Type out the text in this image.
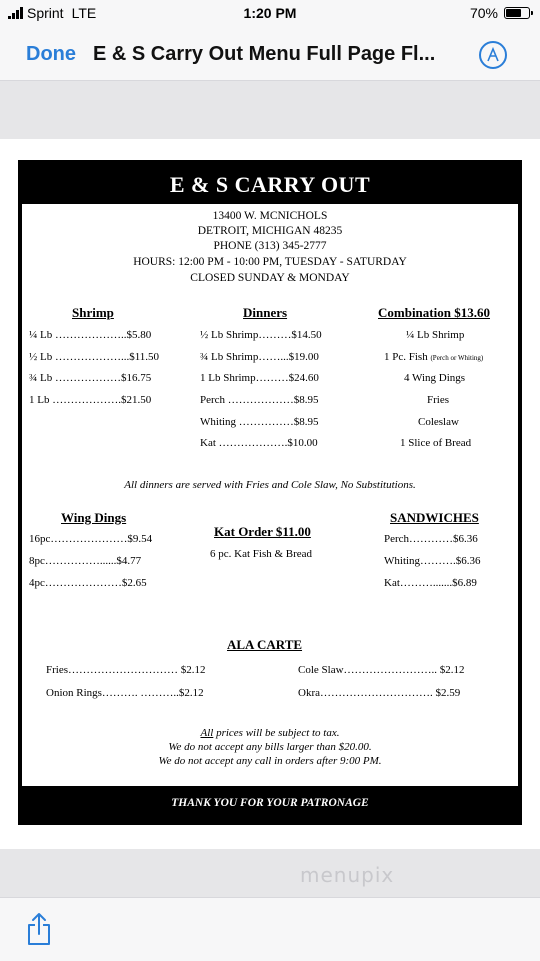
Sprint LTE	1:20 PM	70%
Done E & S Carry Out Menu Full Page Fl...
E & S CARRY OUT
13400 W. MCNICHOLS
DETROIT, MICHIGAN 48235
PHONE (313) 345-2777
HOURS: 12:00 PM - 10:00 PM, TUESDAY - SATURDAY
CLOSED SUNDAY & MONDAY
Shrimp
¼ Lb ………………..$5.80
½ Lb ………………...$11.50
¾ Lb ………………$16.75
1 Lb ……………….$21.50
Dinners
½ Lb Shrimp………$14.50
¾ Lb Shrimp……...$19.00
1 Lb Shrimp………$24.60
Perch ………………$8.95
Whiting ……………$8.95
Kat ……………….$10.00
Combination $13.60
¼ Lb Shrimp
1 Pc. Fish (Perch or Whiting)
4 Wing Dings
Fries
Coleslaw
1 Slice of Bread
All dinners are served with Fries and Cole Slaw, No Substitutions.
Wing Dings
16pc…………………$9.54
8pc……………......$4.77
4pc…………………$2.65
Kat Order $11.00
6 pc. Kat Fish & Bread
SANDWICHES
Perch…………$6.36
Whiting……….$6.36
Kat……….......$6.89
ALA CARTE
Fries………………………… $2.12
Onion Rings………. ………..$2.12
Cole Slaw…………………….. $2.12
Okra…………………………. $2.59
All prices will be subject to tax.
We do not accept any bills larger than $20.00.
We do not accept any call in orders after 9:00 PM.
THANK YOU FOR YOUR PATRONAGE
menupix
